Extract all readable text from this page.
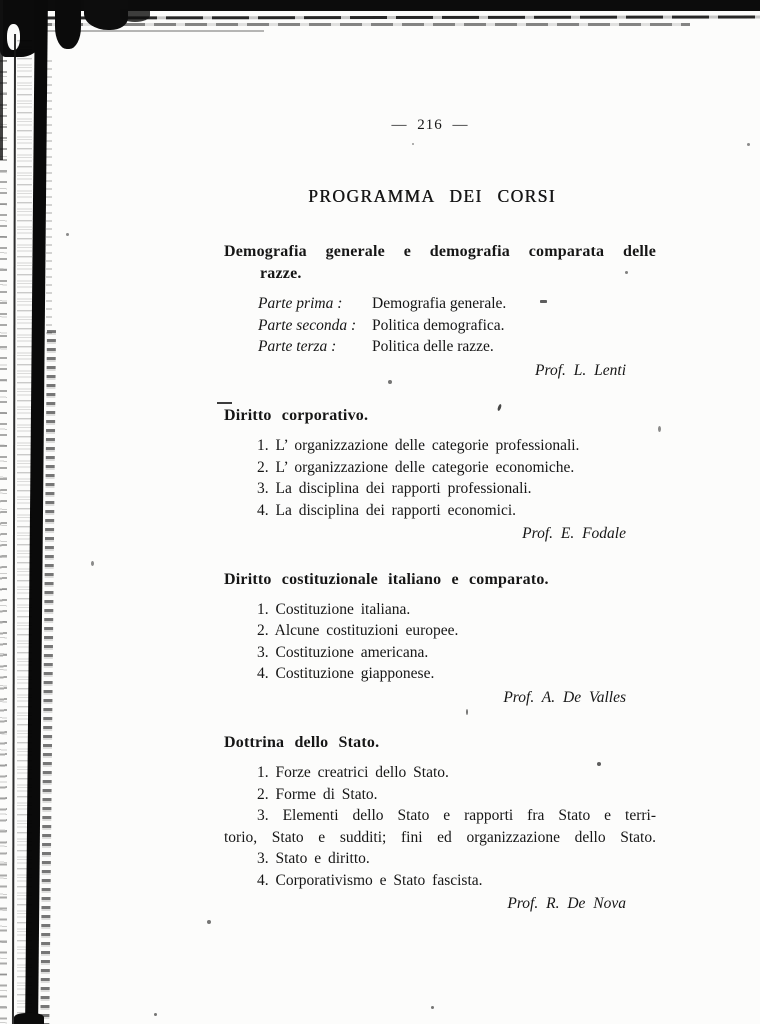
— 216 —
PROGRAMMA DEI CORSI
Demografia generale e demografia comparata delle
razze.
Parte prima :	Demografia generale.
Parte seconda :	Politica demografica.
Parte terza :	Politica delle razze.
Prof. L. Lenti
Diritto corporativo.
1. L’ organizzazione delle categorie professionali.
2. L’ organizzazione delle categorie economiche.
3. La disciplina dei rapporti professionali.
4. La disciplina dei rapporti economici.
Prof. E. Fodale
Diritto costituzionale italiano e comparato.
1. Costituzione italiana.
2. Alcune costituzioni europee.
3. Costituzione americana.
4. Costituzione giapponese.
Prof. A. De Valles
Dottrina dello Stato.
1. Forze creatrici dello Stato.
2. Forme di Stato.
3. Elementi dello Stato e rapporti fra Stato e terri-
torio, Stato e sudditi; fini ed organizzazione dello Stato.
3. Stato e diritto.
4. Corporativismo e Stato fascista.
Prof. R. De Nova
